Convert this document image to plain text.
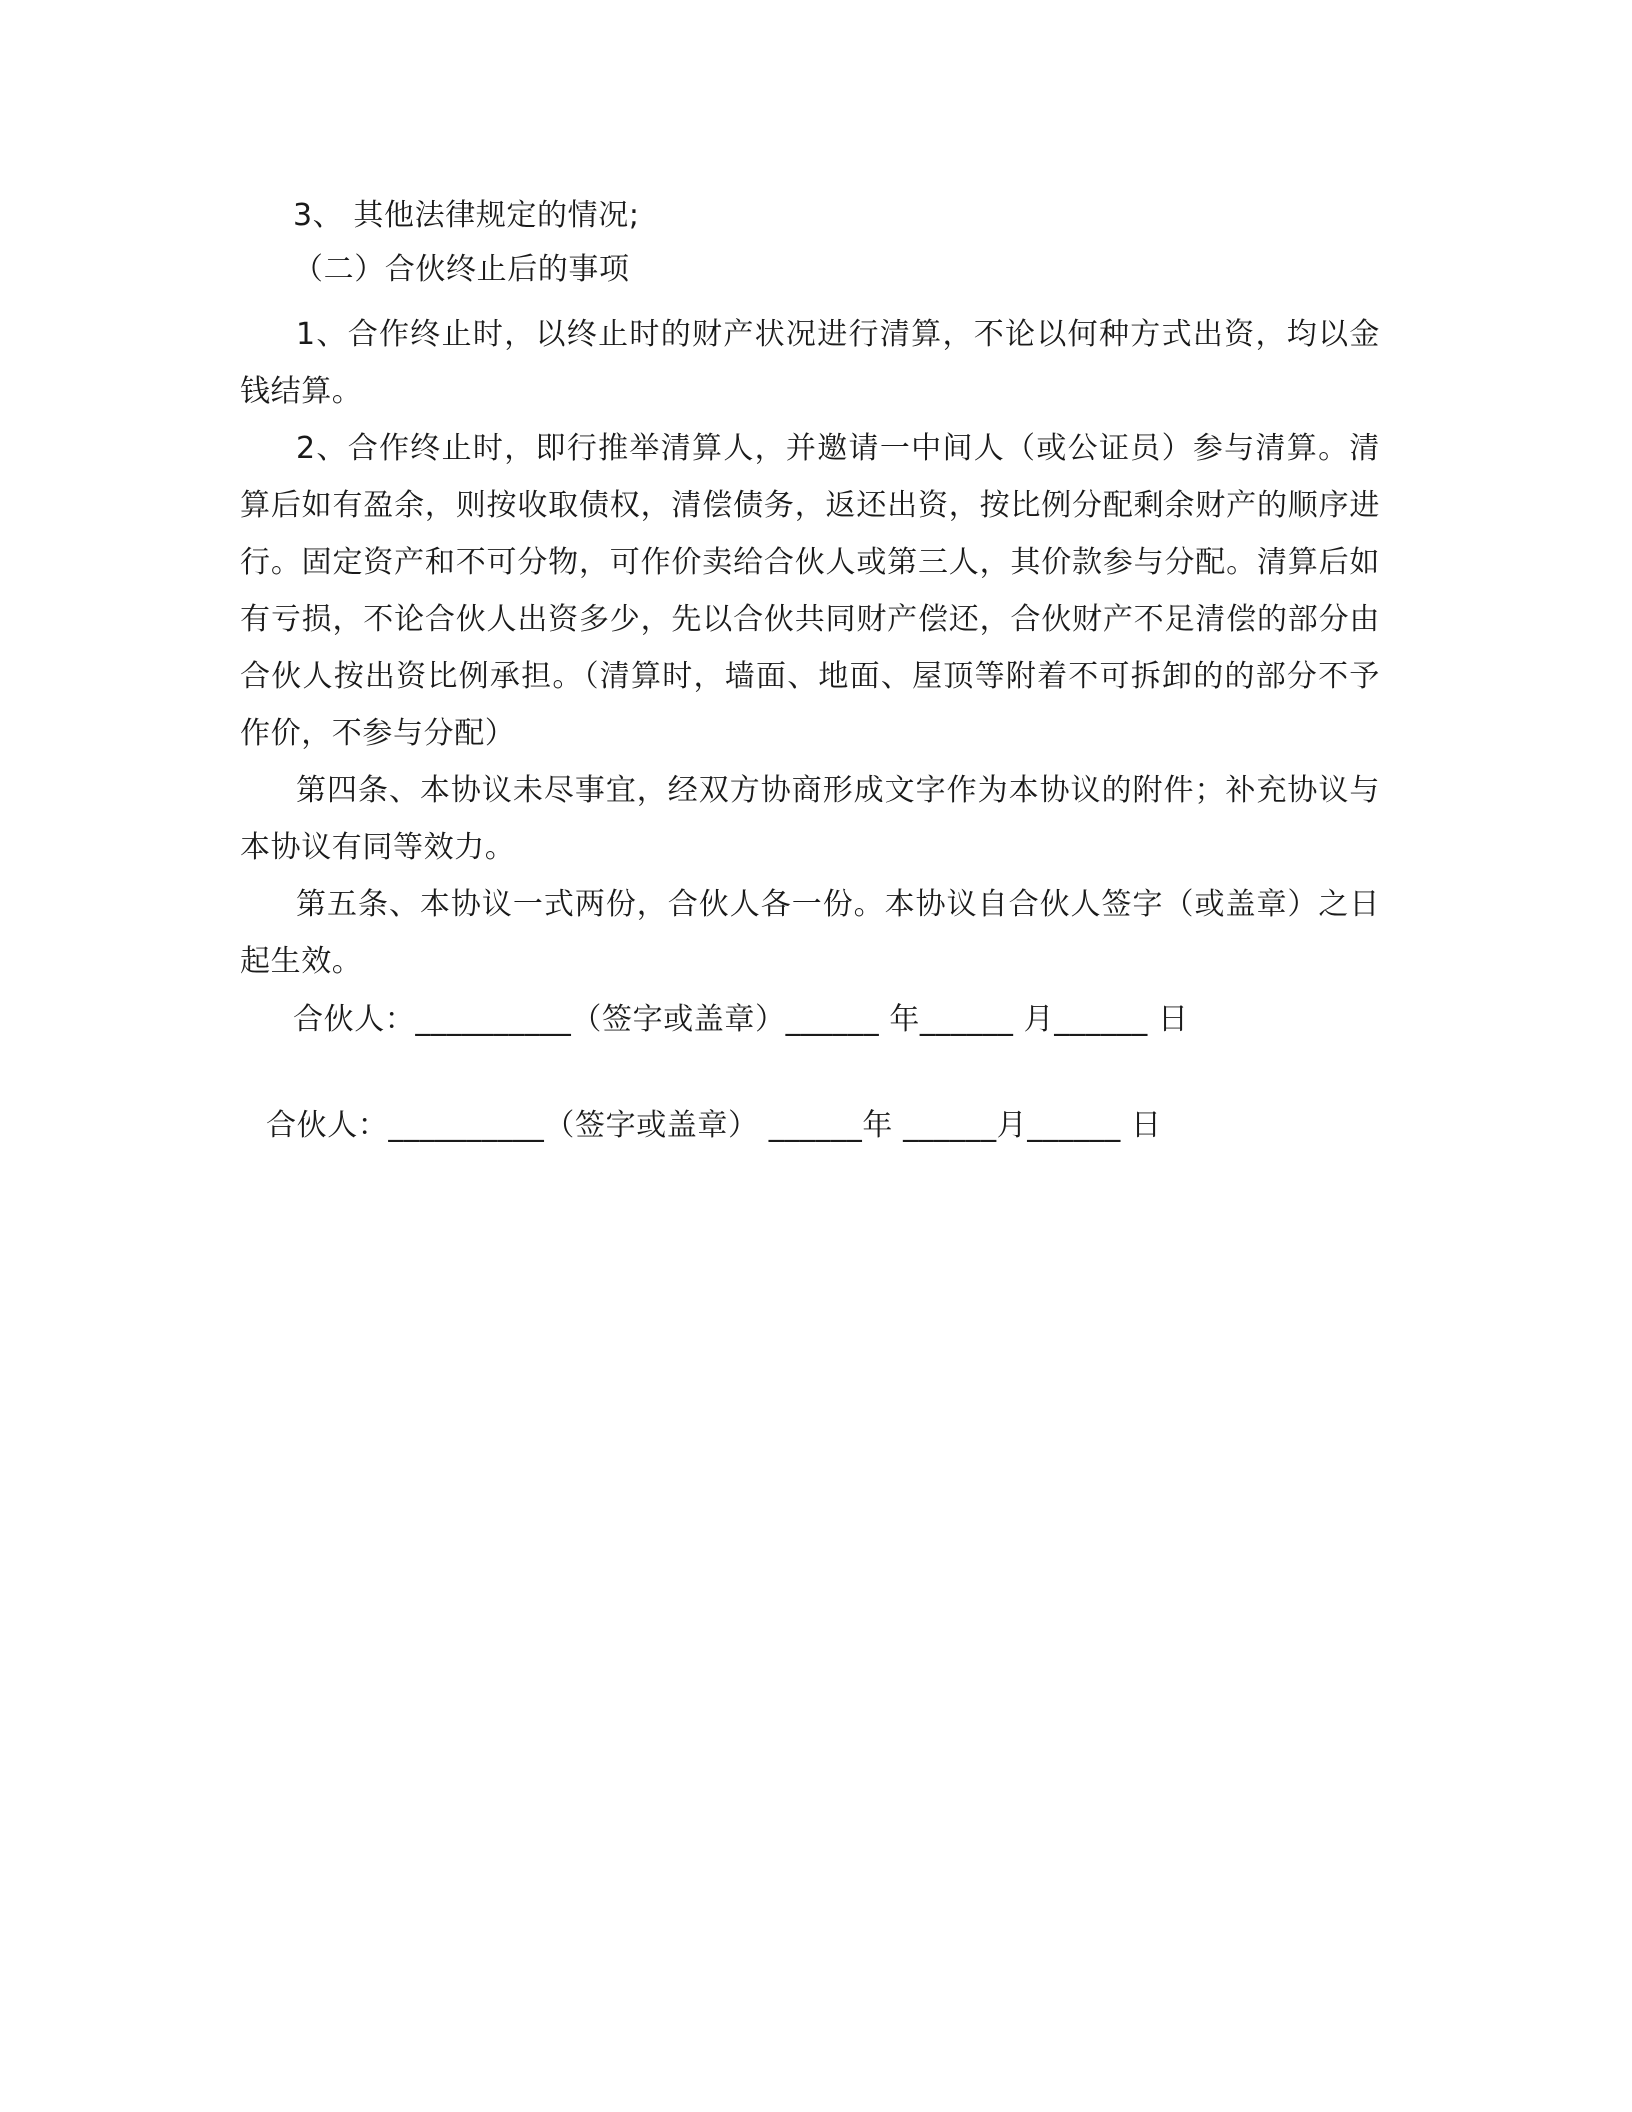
3、 其他法律规定的情况;
（二）合伙终止后的事项
1、合作终止时，以终止时的财产状况进行清算，不论以何种方式出资，均以金钱结算。
2、合作终止时，即行推举清算人，并邀请一中间人（或公证员）参与清算。清算后如有盈余，则按收取债权，清偿债务，返还出资，按比例分配剩余财产的顺序进行。固定资产和不可分物，可作价卖给合伙人或第三人，其价款参与分配。清算后如有亏损，不论合伙人出资多少，先以合伙共同财产偿还，合伙财产不足清偿的部分由合伙人按出资比例承担。（清算时，墙面、地面、屋顶等附着不可拆卸的的部分不予作价，不参与分配）
第四条、本协议未尽事宜，经双方协商形成文字作为本协议的附件；补充协议与本协议有同等效力。
第五条、本协议一式两份，合伙人各一份。本协议自合伙人签字（或盖章）之日起生效。
合伙人：__________（签字或盖章）______ 年______ 月______ 日
合伙人：__________（签字或盖章） ______年 ______月______ 日
